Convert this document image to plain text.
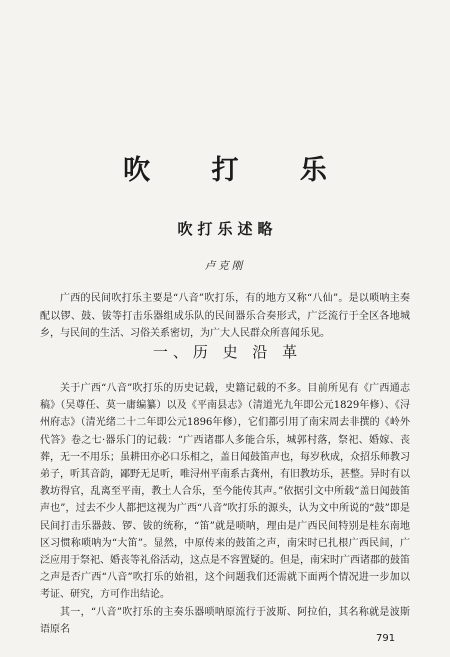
吹 打 乐
吹打乐述略
卢克刚

广西的民间吹打乐主要是“八音”吹打乐，有的地方又称“八仙”。是以唢呐主奏配以锣、鼓、钹等打击乐器组成乐队的民间器乐合奏形式，广泛流行于全区各地城乡，与民间的生活、习俗关系密切，为广大人民群众所喜闻乐见。

一、历 史 沿 革

关于广西“八音”吹打乐的历史记载，史籍记载的不多。目前所见有《广西通志稿》（吴尊任、莫一庸编纂）以及《平南县志》（清道光九年即公元1829年修）、《浔州府志》（清光绪二十二年即公元1896年修），它们都引用了南宋周去非撰的《岭外代答》卷之七·器乐门的记载：“广西诸郡人多能合乐，城郭村落，祭祀、婚嫁、丧葬，无一不用乐；虽耕田亦必口乐相之，盖日闻鼓笛声也，每岁秋成，众招乐师教习弟子，听其音韵，鄙野无足听，唯浔州平南系古龚州，有旧教坊乐，甚整。异时有以教坊得官，乱离至平南，教土人合乐，至今能传其声。”依据引文中所载“盖日闻鼓笛声也”，过去不少人都把这视为广西“八音”吹打乐的源头，认为文中所说的“鼓”即是民间打击乐器鼓、锣、钹的统称，“笛”就是唢呐，理由是广西民间特别是桂东南地区习惯称唢呐为“大笛”。显然，中原传来的鼓笛之声，南宋时已扎根广西民间，广泛应用于祭祀、婚丧等礼俗活动，这点是不容置疑的。但是，南宋时广西诸郡的鼓笛之声是否广西“八音”吹打乐的始祖，这个问题我们还需就下面两个情况进一步加以考证、研究，方可作出结论。

其一，“八音”吹打乐的主奏乐器唢呐原流行于波斯、阿拉伯，其名称就是波斯语原名

791
